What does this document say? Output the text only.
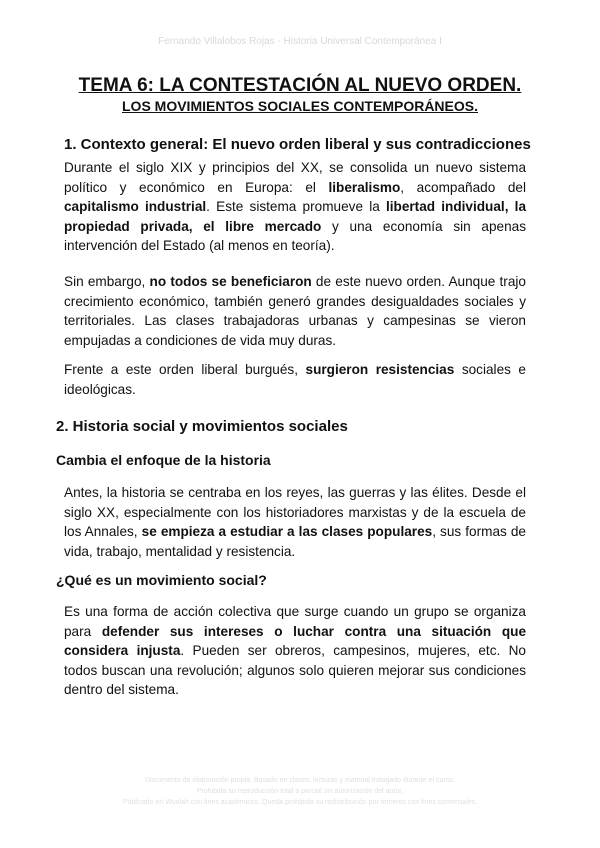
Fernando Villalobos Rojas - Historia Universal Contemporánea I
TEMA 6: LA CONTESTACIÓN AL NUEVO ORDEN.
LOS MOVIMIENTOS SOCIALES CONTEMPORÁNEOS.
1. Contexto general: El nuevo orden liberal y sus contradicciones

Durante el siglo XIX y principios del XX, se consolida un nuevo sistema político y económico en Europa: el liberalismo, acompañado del capitalismo industrial. Este sistema promueve la libertad individual, la propiedad privada, el libre mercado y una economía sin apenas intervención del Estado (al menos en teoría).

Sin embargo, no todos se beneficiaron de este nuevo orden. Aunque trajo crecimiento económico, también generó grandes desigualdades sociales y territoriales. Las clases trabajadoras urbanas y campesinas se vieron empujadas a condiciones de vida muy duras.

Frente a este orden liberal burgués, surgieron resistencias sociales e ideológicas.

2. Historia social y movimientos sociales
Cambia el enfoque de la historia

Antes, la historia se centraba en los reyes, las guerras y las élites. Desde el siglo XX, especialmente con los historiadores marxistas y de la escuela de los Annales, se empieza a estudiar a las clases populares, sus formas de vida, trabajo, mentalidad y resistencia.

¿Qué es un movimiento social?

Es una forma de acción colectiva que surge cuando un grupo se organiza para defender sus intereses o luchar contra una situación que considera injusta. Pueden ser obreros, campesinos, mujeres, etc. No todos buscan una revolución; algunos solo quieren mejorar sus condiciones dentro del sistema.

Documento de elaboración propia. Basado en clases, lecturas y material trabajado durante el curso.
Prohibida su reproducción total o parcial sin autorización del autor.
Publicado en Wuolah con fines académicos. Queda prohibida su redistribución por terceros con fines comerciales.
